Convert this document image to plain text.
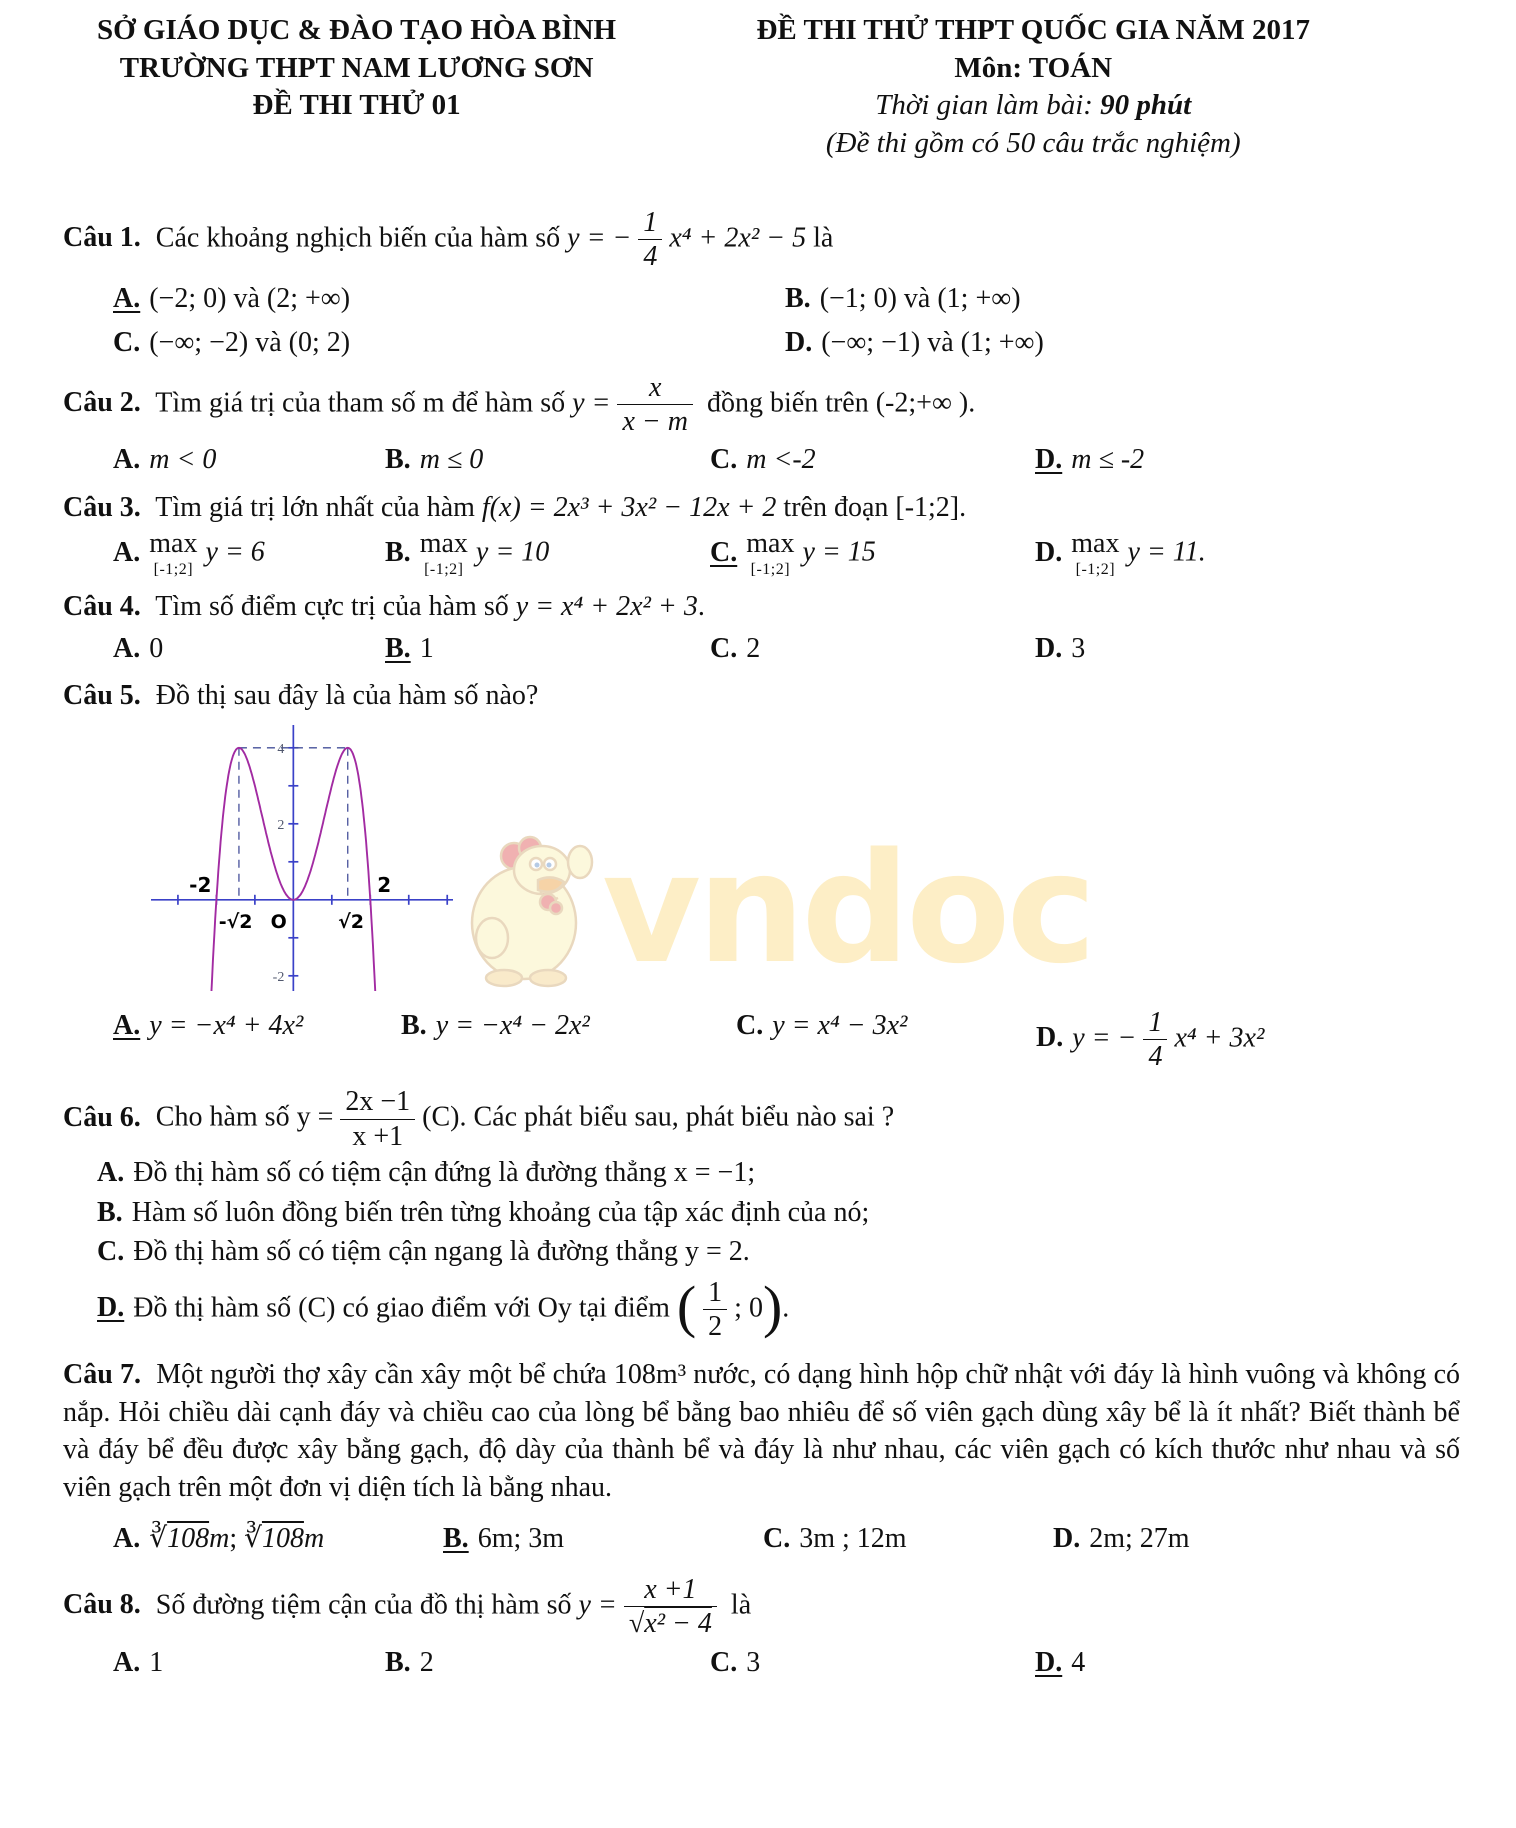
vndoc
SỞ GIÁO DỤC & ĐÀO TẠO HÒA BÌNH
TRƯỜNG THPT NAM LƯƠNG SƠN
ĐỀ THI THỬ 01
ĐỀ THI THỬ THPT QUỐC GIA NĂM 2017
Môn: TOÁN
Thời gian làm bài: 90 phút
(Đề thi gồm có 50 câu trắc nghiệm)
Câu 1. Các khoảng nghịch biến của hàm số y = − $\frac{1}{4} x^4 + 2x^2 - 5$ là
A. (−2; 0) và (2; +∞)	B. (−1; 0) và (1; +∞)
C. (−∞; −2) và (0; 2)	D. (−∞; −1) và (1; +∞)
Câu 2. Tìm giá trị của tham số m để hàm số $y = \frac{x}{x - m}$ đồng biến trên (-2;+∞ ).
A. m < 0	B. m ≤ 0	C. m <-2	D. m ≤ -2
Câu 3. Tìm giá trị lớn nhất của hàm f(x) = 2x³ + 3x² − 12x + 2 trên đoạn [-1;2].
A. max
[-1;2]
y = 6	B. max
[-1;2]
y = 10	C. max
[-1;2]
y = 15	D. max
[-1;2]
y = 11.
Câu 4. Tìm số điểm cực trị của hàm số y = x⁴ + 2x² + 3.
A. 0	B. 1	C. 2	D. 3
Câu 5. Đồ thị sau đây là của hàm số nào?
-2	2
-√2 O	√2
4
2
-2
A. y = −x⁴ + 4x²	B. y = −x⁴ − 2x²	C. y = x⁴ − 3x²	D. y = − $\frac{1}{4} x^4 + 3x^2$
Câu 6. Cho hàm số $y = \frac{2x -1}{x +1} (C)$. Các phát biểu sau, phát biểu nào sai ?
A. Đồ thị hàm số có tiệm cận đứng là đường thẳng x = −1;
B. Hàm số luôn đồng biến trên từng khoảng của tập xác định của nó;
C. Đồ thị hàm số có tiệm cận ngang là đường thẳng y = 2.
D. Đồ thị hàm số (C) có giao điểm với Oy tại điểm ( $\frac{1}{2}$ ; 0).
Câu 7. Một người thợ xây cần xây một bể chứa 108m³ nước, có dạng hình hộp chữ nhật với đáy là hình vuông và không có nắp. Hỏi chiều dài cạnh đáy và chiều cao của lòng bể bằng bao nhiêu để số viên gạch dùng xây bể là ít nhất? Biết thành bể và đáy bể đều được xây bằng gạch, độ dày của thành bể và đáy là như nhau, các viên gạch có kích thước như nhau và số viên gạch trên một đơn vị diện tích là bằng nhau.
A. ∛108m; ∛108m	B. 6m; 3m	C. 3m ; 12m	D. 2m; 27m
Câu 8. Số đường tiệm cận của đồ thị hàm số $y = \frac{x +1}{\text{√x² − 4}}$ là
A. 1	B. 2	C. 3	D. 4
